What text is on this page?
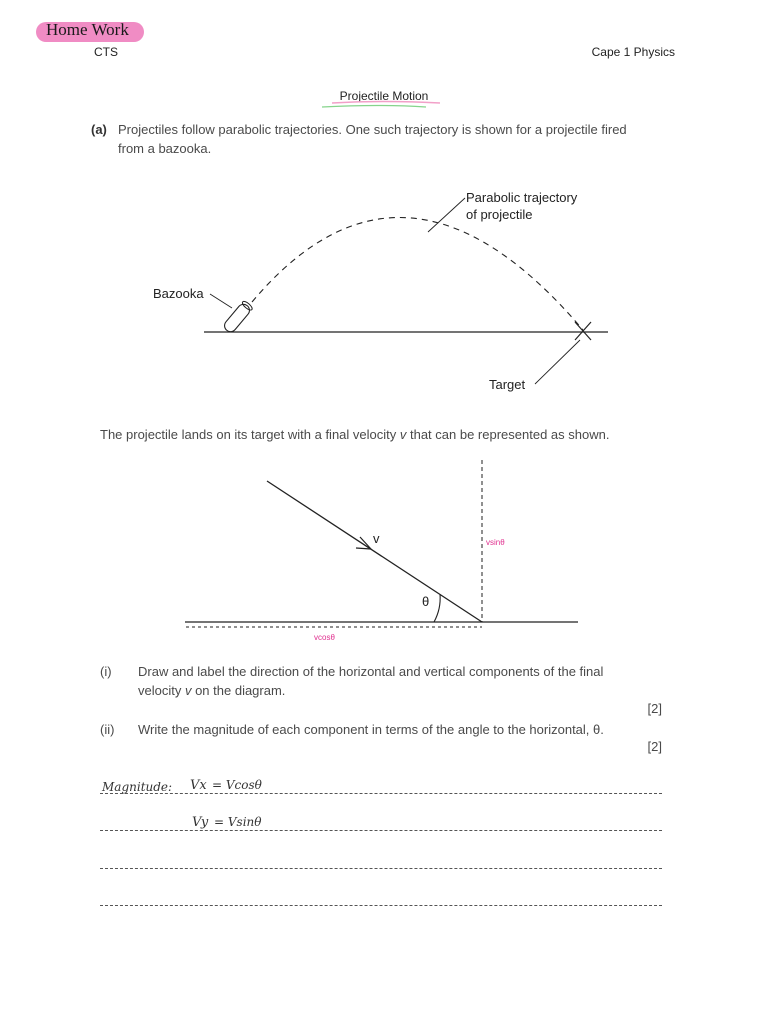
Home Work
CTS	Cape 1 Physics
Projectile Motion
(a) Projectiles follow parabolic trajectories. One such trajectory is shown for a projectile fired
from a bazooka.
Parabolic trajectory
of projectile
Bazooka
Target
The projectile lands on its target with a final velocity v that can be represented as shown.
v
θ
vsinθ
vcosθ
(i) Draw and label the direction of the horizontal and vertical components of the final
velocity v on the diagram.
[2]
(ii) Write the magnitude of each component in terms of the angle to the horizontal, θ.
[2]
Magnitude: Vx = Vcosθ
Vy = Vsinθ
